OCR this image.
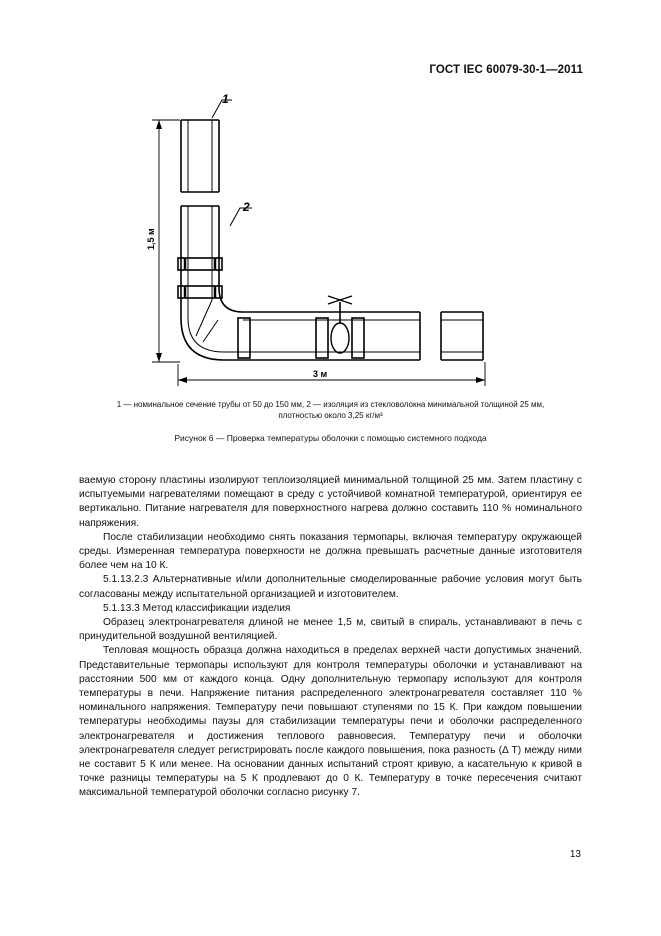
ГОСТ IEC 60079-30-1—2011
1
2
1,5 м
3 м
1 — номинальное сечение трубы от 50 до 150 мм, 2 — изоляция из стекловолокна минимальной толщиной 25 мм,
плотностью около 3,25 кг/м³
Рисунок 6 — Проверка температуры оболочки с помощью системного подхода

ваемую сторону пластины изолируют теплоизоляцией минимальной толщиной 25 мм. Затем пластину с испытуемыми нагревателями помещают в среду с устойчивой комнатной температурой, ориентируя ее вертикально. Питание нагревателя для поверхностного нагрева должно составить 110 % номинального напряжения.

После стабилизации необходимо снять показания термопары, включая температуру окружающей среды. Измеренная температура поверхности не должна превышать расчетные данные изготовителя более чем на 10 К.

5.1.13.2.3 Альтернативные и/или дополнительные смоделированные рабочие условия могут быть согласованы между испытательной организацией и изготовителем.

5.1.13.3 Метод классификации изделия

Образец электронагревателя длиной не менее 1,5 м, свитый в спираль, устанавливают в печь с принудительной воздушной вентиляцией.

Тепловая мощность образца должна находиться в пределах верхней части допустимых значений. Представительные термопары используют для контроля температуры оболочки и устанавливают на расстоянии 500 мм от каждого конца. Одну дополнительную термопару используют для контроля температуры в печи. Напряжение питания распределенного электронагревателя составляет 110 % номинального напряжения. Температуру печи повышают ступенями по 15 К. При каждом повышении температуры необходимы паузы для стабилизации температуры печи и оболочки распределенного электронагревателя и достижения теплового равновесия. Температуру печи и оболочки электронагревателя следует регистрировать после каждого повышения, пока разность (Δ T) между ними не составит 5 К или менее. На основании данных испытаний строят кривую, а касательную к кривой в точке разницы температуры на 5 К продлевают до 0 К. Температуру в точке пересечения считают максимальной температурой оболочки согласно рисунку 7.

13
